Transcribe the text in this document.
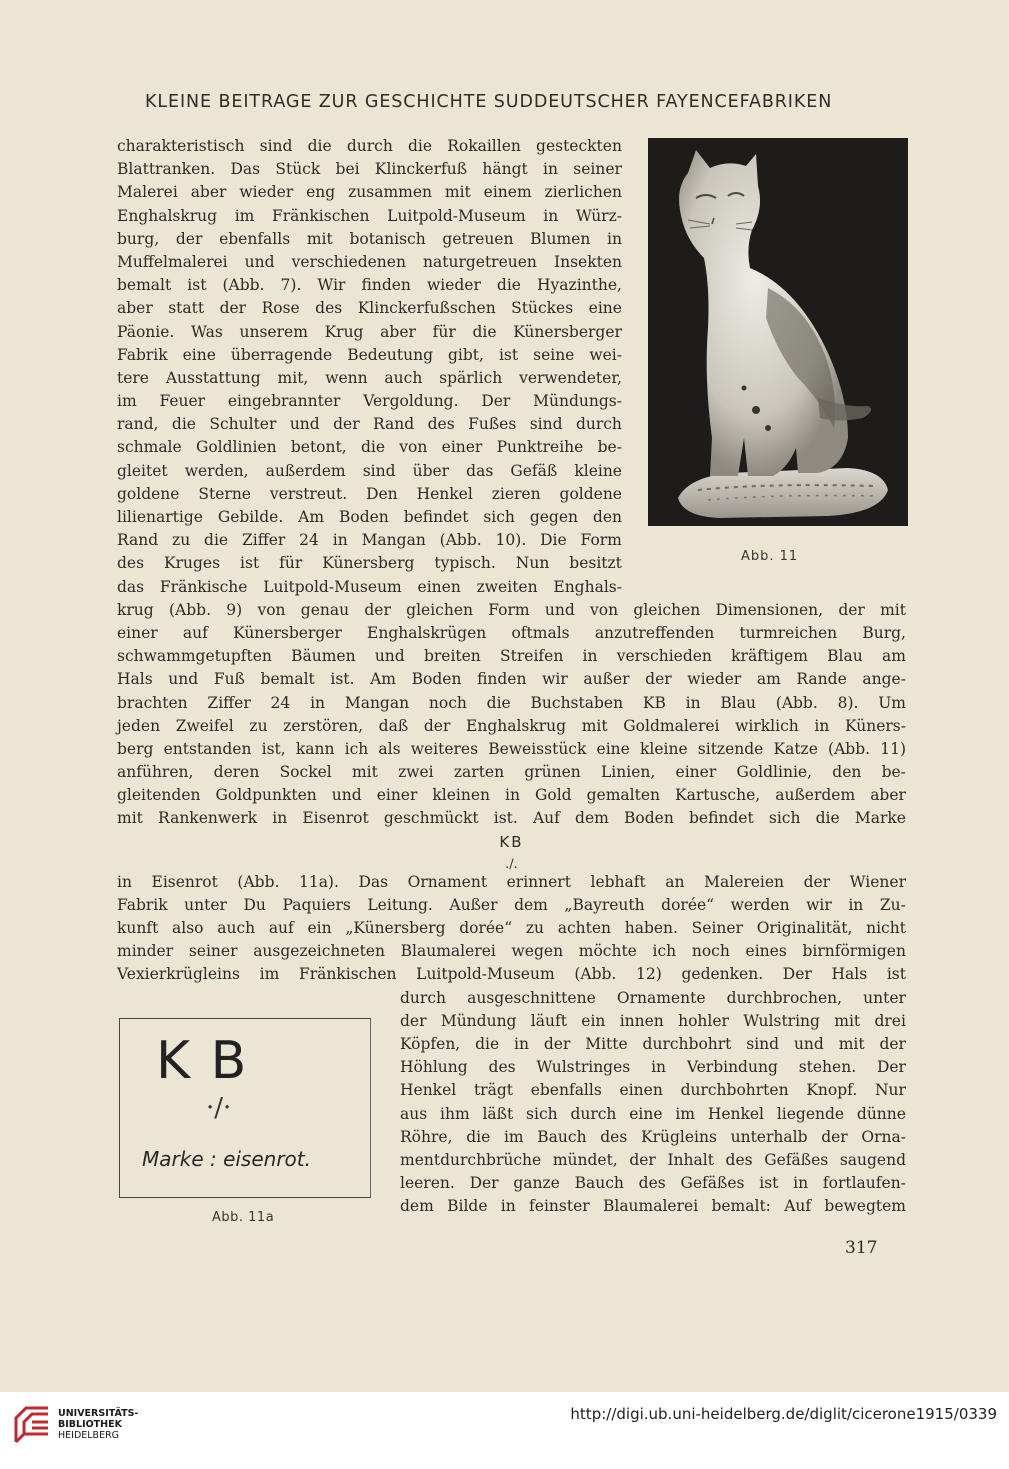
KLEINE BEITRAGE ZUR GESCHICHTE SUDDEUTSCHER FAYENCEFABRIKEN
Abb. 11
charakteristisch sind die durch die Rokaillen gesteckten
Blattranken. Das Stück bei Klinckerfuß hängt in seiner
Malerei aber wieder eng zusammen mit einem zierlichen
Enghalskrug im Fränkischen Luitpold-Museum in Würz-
burg, der ebenfalls mit botanisch getreuen Blumen in
Muffelmalerei und verschiedenen naturgetreuen Insekten
bemalt ist (Abb. 7). Wir finden wieder die Hyazinthe,
aber statt der Rose des Klinckerfußschen Stückes eine
Päonie. Was unserem Krug aber für die Künersberger
Fabrik eine überragende Bedeutung gibt, ist seine wei-
tere Ausstattung mit, wenn auch spärlich verwendeter,
im Feuer eingebrannter Vergoldung. Der Mündungs-
rand, die Schulter und der Rand des Fußes sind durch
schmale Goldlinien betont, die von einer Punktreihe be-
gleitet werden, außerdem sind über das Gefäß kleine
goldene Sterne verstreut. Den Henkel zieren goldene
lilienartige Gebilde. Am Boden befindet sich gegen den
Rand zu die Ziffer 24 in Mangan (Abb. 10). Die Form
des Kruges ist für Künersberg typisch. Nun besitzt
das Fränkische Luitpold-Museum einen zweiten Enghals-
krug (Abb. 9) von genau der gleichen Form und von gleichen Dimensionen, der mit
einer auf Künersberger Enghalskrügen oftmals anzutreffenden turmreichen Burg,
schwammgetupften Bäumen und breiten Streifen in verschieden kräftigem Blau am
Hals und Fuß bemalt ist. Am Boden finden wir außer der wieder am Rande ange-
brachten Ziffer 24 in Mangan noch die Buchstaben KB in Blau (Abb. 8). Um
jeden Zweifel zu zerstören, daß der Enghalskrug mit Goldmalerei wirklich in Küners-
berg entstanden ist, kann ich als weiteres Beweisstück eine kleine sitzende Katze (Abb. 11)
anführen, deren Sockel mit zwei zarten grünen Linien, einer Goldlinie, den be-
gleitenden Goldpunkten und einer kleinen in Gold gemalten Kartusche, außerdem aber
mit Rankenwerk in Eisenrot geschmückt ist. Auf dem Boden befindet sich die Marke
KB
./.
in Eisenrot (Abb. 11a). Das Ornament erinnert lebhaft an Malereien der Wiener
Fabrik unter Du Paquiers Leitung. Außer dem „Bayreuth dorée“ werden wir in Zu-
kunft also auch auf ein „Künersberg dorée“ zu achten haben. Seiner Originalität, nicht
minder seiner ausgezeichneten Blaumalerei wegen möchte ich noch eines birnförmigen
Vexierkrügleins im Fränkischen Luitpold-Museum (Abb. 12) gedenken. Der Hals ist
durch ausgeschnittene Ornamente durchbrochen, unter
der Mündung läuft ein innen hohler Wulstring mit drei
Köpfen, die in der Mitte durchbohrt sind und mit der
Höhlung des Wulstringes in Verbindung stehen. Der
Henkel trägt ebenfalls einen durchbohrten Knopf. Nur
aus ihm läßt sich durch eine im Henkel liegende dünne
Röhre, die im Bauch des Krügleins unterhalb der Orna-
mentdurchbrüche mündet, der Inhalt des Gefäßes saugend
leeren. Der ganze Bauch des Gefäßes ist in fortlaufen-
dem Bilde in feinster Blaumalerei bemalt: Auf bewegtem
K B
·/·
Marke : eisenrot.
Abb. 11a
317
UNIVERSITÄTS-
BIBLIOTHEK
HEIDELBERG
http://digi.ub.uni-heidelberg.de/diglit/cicerone1915/0339
